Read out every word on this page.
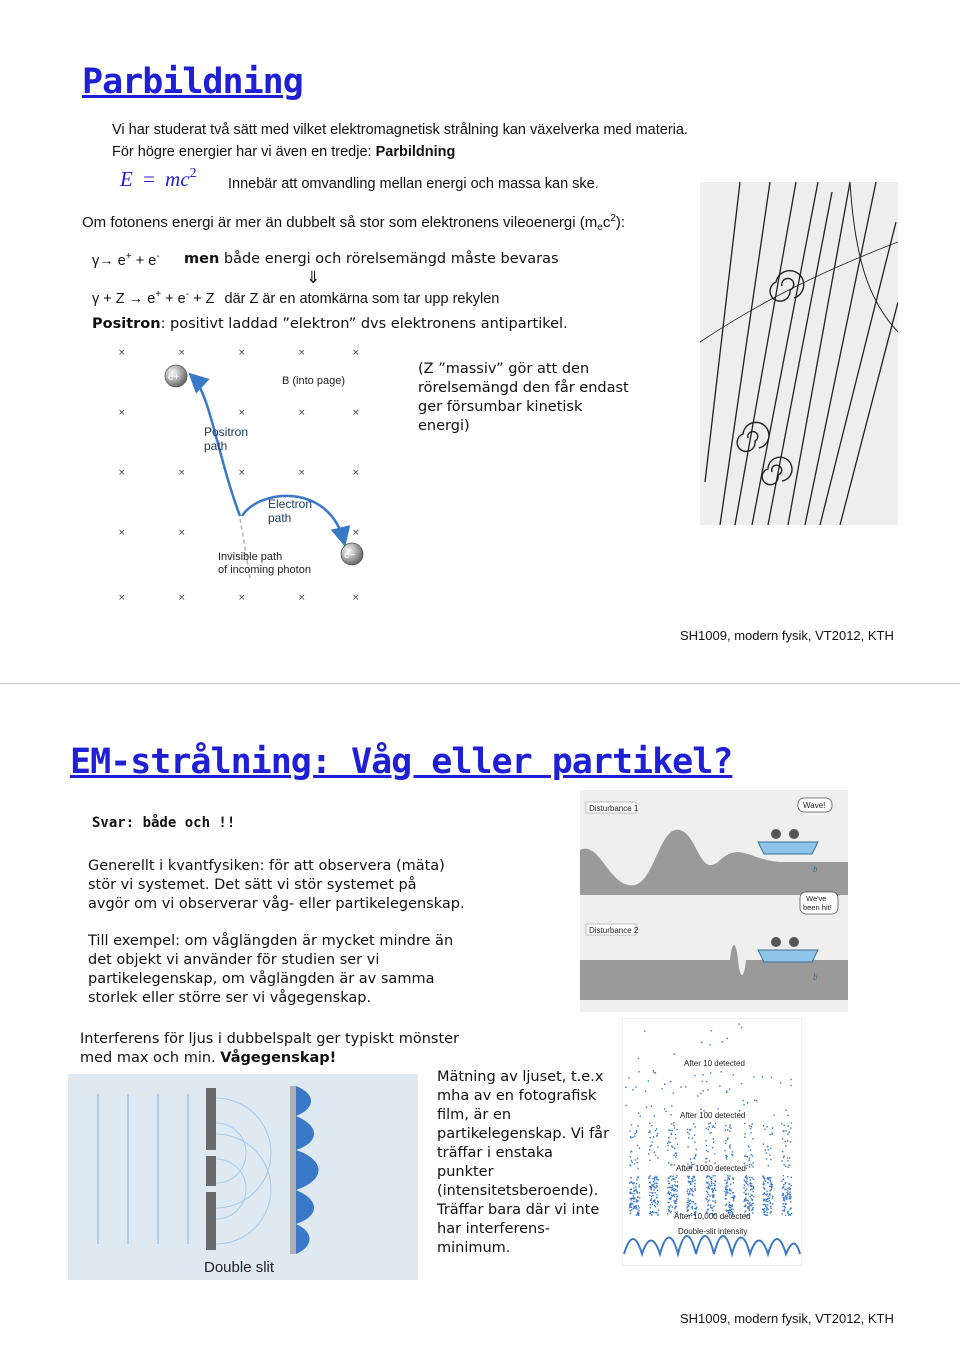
Parbildning
Vi har studerat två sätt med vilket elektromagnetisk strålning kan växelverka med materia.
För högre energier har vi även en tredje: Parbildning
$E = mc^2$
Innebär att omvandling mellan energi och massa kan ske.
Om fotonens energi är mer än dubbelt så stor som elektronens vileoenergi $(m_ec^2)$:
γ→ e+ + e- men både energi och rörelsemängd måste bevaras
⇓
γ + Z → e+ + e- + Z där Z är en atomkärna som tar upp rekylen
Positron: positivt laddad ”elektron” dvs elektronens antipartikel.
(Z ”massiv” gör att den
rörelsemängd den får endast
ger försumbar kinetisk
energi)
×	×	×	×	×
×	×	×	×
×	×	×	×	×
×	×	×
×	×	×	×	×
e+
e−
B (into page)
Positron
path
Electron
path
Invisible path
of incoming photon
SH1009, modern fysik, VT2012, KTH
EM-strålning: Våg eller partikel?
Svar: både och !!
Generellt i kvantfysiken: för att observera (mäta)
stör vi systemet. Det sätt vi stör systemet på
avgör om vi observerar våg- eller partikelegenskap.
Till exempel: om våglängden är mycket mindre än
det objekt vi använder för studien ser vi
partikelegenskap, om våglängden är av samma
storlek eller större ser vi vågegenskap.
Interferens för ljus i dubbelspalt ger typiskt mönster
med max och min. Vågegenskap!
Mätning av ljuset, t.e.x
mha av en fotografisk
film, är en
partikelegenskap. Vi får
träffar i enstaka
punkter
(intensitetsberoende).
Träffar bara där vi inte
har interferens-
minimum.
Disturbance 1	Wave!
b
Disturbance 2
We've
been hit!
b
Double slit
After 10 detected
After 100 detected
After 1000 detected
After 10,000 detected
Double-slit intensity
SH1009, modern fysik, VT2012, KTH
